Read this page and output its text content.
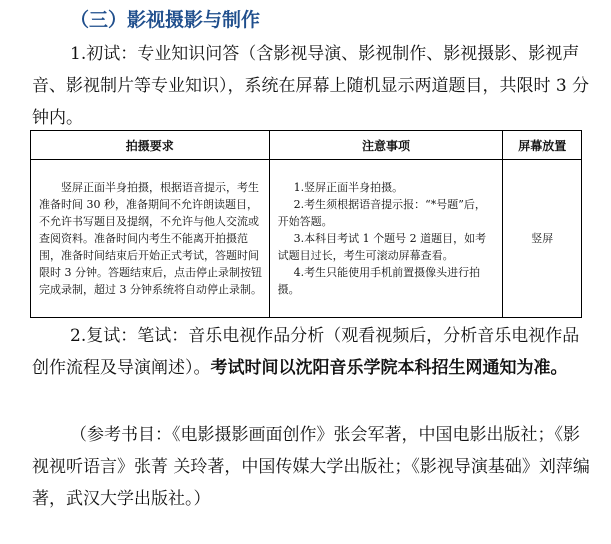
（三）影视摄影与制作

1.初试：专业知识问答（含影视导演、影视制作、影视摄影、影视声音、影视制片等专业知识），系统在屏幕上随机显示两道题目，共限时 3 分钟内。

拍摄要求	注意事项	屏幕放置
竖屏正面半身拍摄，根据语音提示，考生准备时间 30 秒，准备期间不允许朗读题目，不允许书写题目及提纲，不允许与他人交流或查阅资料。准备时间内考生不能离开拍摄范围，准备时间结束后开始正式考试，答题时间限时 3 分钟。答题结束后，点击停止录制按钮完成录制，超过 3 分钟系统将自动停止录制。	1.竖屏正面半身拍摄。
2.考生须根据语音提示报：“*号题”后，开始答题。
3.本科目考试 1 个题号 2 道题目，如考试题目过长，考生可滚动屏幕查看。
4.考生只能使用手机前置摄像头进行拍摄。	竖屏

2.复试：笔试：音乐电视作品分析（观看视频后，分析音乐电视作品创作流程及导演阐述）。考试时间以沈阳音乐学院本科招生网通知为准。

（参考书目：《电影摄影画面创作》张会军著，中国电影出版社；《影视视听语言》张菁 关玲著，中国传媒大学出版社；《影视导演基础》刘萍编著，武汉大学出版社。）
